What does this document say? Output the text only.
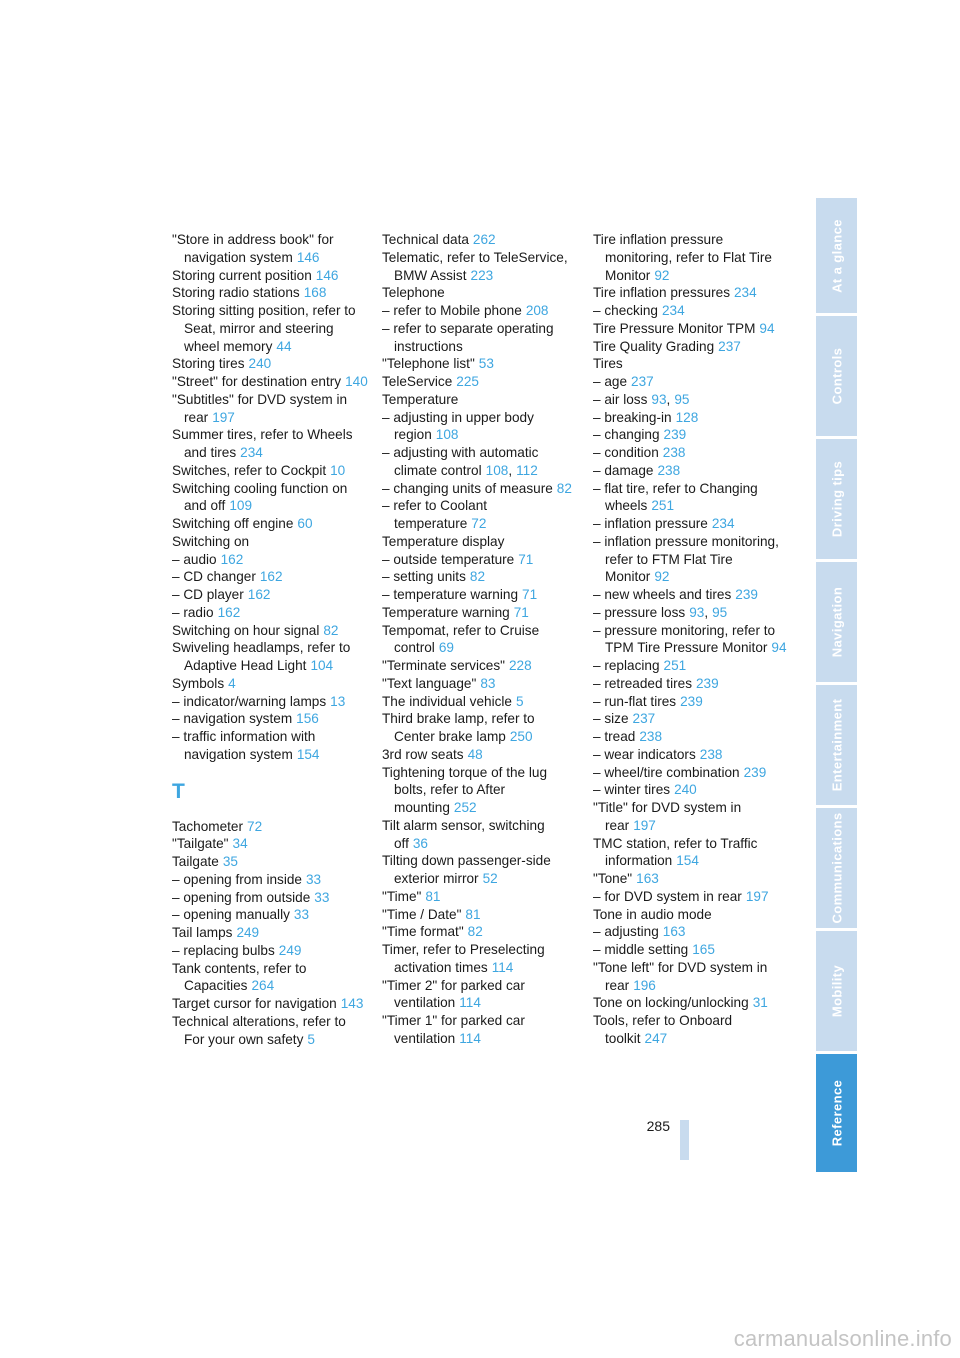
"Store in address book" for navigation system 146
Storing current position 146
Storing radio stations 168
Storing sitting position, refer to Seat, mirror and steering wheel memory 44
Storing tires 240
"Street" for destination entry 140
"Subtitles" for DVD system in rear 197
Summer tires, refer to Wheels and tires 234
Switches, refer to Cockpit 10
Switching cooling function on and off 109
Switching off engine 60
Switching on
– audio 162
– CD changer 162
– CD player 162
– radio 162
Switching on hour signal 82
Swiveling headlamps, refer to Adaptive Head Light 104
Symbols 4
– indicator/warning lamps 13
– navigation system 156
– traffic information with navigation system 154
T
Tachometer 72
"Tailgate" 34
Tailgate 35
– opening from inside 33
– opening from outside 33
– opening manually 33
Tail lamps 249
– replacing bulbs 249
Tank contents, refer to Capacities 264
Target cursor for navigation 143
Technical alterations, refer to For your own safety 5
Technical data 262
Telematic, refer to TeleService, BMW Assist 223
Telephone
– refer to Mobile phone 208
– refer to separate operating instructions
"Telephone list" 53
TeleService 225
Temperature
– adjusting in upper body region 108
– adjusting with automatic climate control 108, 112
– changing units of measure 82
– refer to Coolant temperature 72
Temperature display
– outside temperature 71
– setting units 82
– temperature warning 71
Temperature warning 71
Tempomat, refer to Cruise control 69
"Terminate services" 228
"Text language" 83
The individual vehicle 5
Third brake lamp, refer to Center brake lamp 250
3rd row seats 48
Tightening torque of the lug bolts, refer to After mounting 252
Tilt alarm sensor, switching off 36
Tilting down passenger-side exterior mirror 52
"Time" 81
"Time / Date" 81
"Time format" 82
Timer, refer to Preselecting activation times 114
"Timer 2" for parked car ventilation 114
"Timer 1" for parked car ventilation 114
Tire inflation pressure monitoring, refer to Flat Tire Monitor 92
Tire inflation pressures 234
– checking 234
Tire Pressure Monitor TPM 94
Tire Quality Grading 237
Tires
– age 237
– air loss 93, 95
– breaking-in 128
– changing 239
– condition 238
– damage 238
– flat tire, refer to Changing wheels 251
– inflation pressure 234
– inflation pressure monitoring, refer to FTM Flat Tire Monitor 92
– new wheels and tires 239
– pressure loss 93, 95
– pressure monitoring, refer to TPM Tire Pressure Monitor 94
– replacing 251
– retreaded tires 239
– run-flat tires 239
– size 237
– tread 238
– wear indicators 238
– wheel/tire combination 239
– winter tires 240
"Title" for DVD system in rear 197
TMC station, refer to Traffic information 154
"Tone" 163
– for DVD system in rear 197
Tone in audio mode
– adjusting 163
– middle setting 165
"Tone left" for DVD system in rear 196
Tone on locking/unlocking 31
Tools, refer to Onboard toolkit 247
At a glance
Controls
Driving tips
Navigation
Entertainment
Communications
Mobility
Reference
285
carmanualsonline.info
